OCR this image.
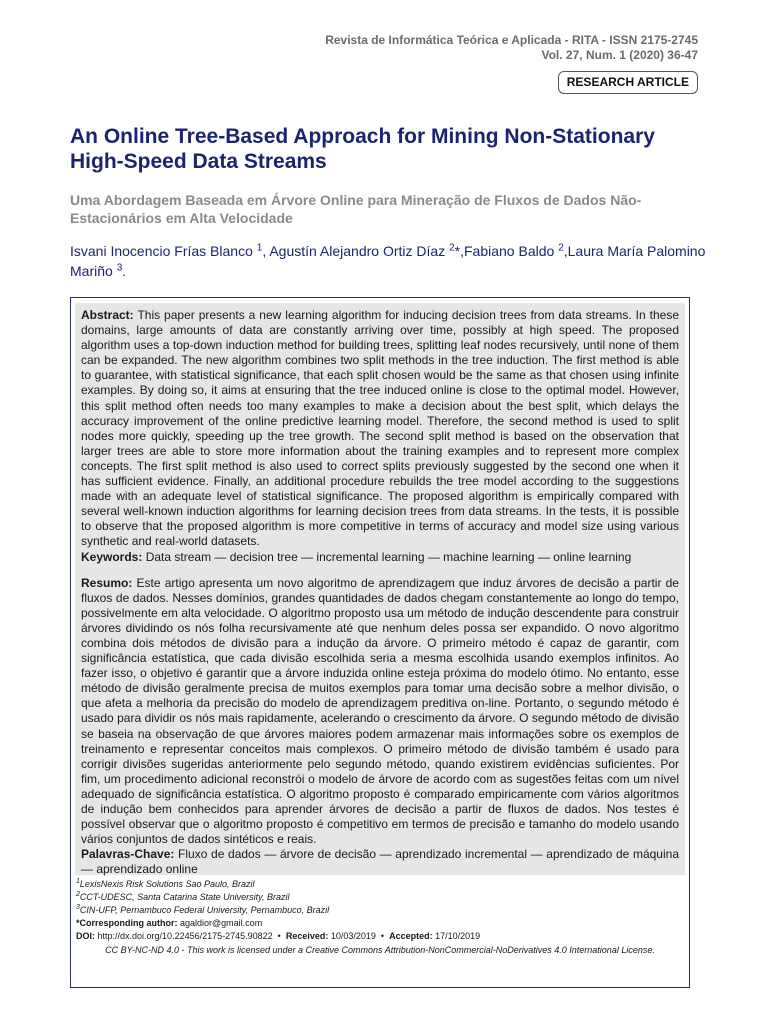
Revista de Informática Teórica e Aplicada - RITA - ISSN 2175-2745
Vol. 27, Num. 1 (2020) 36-47
RESEARCH ARTICLE
An Online Tree-Based Approach for Mining Non-Stationary High-Speed Data Streams
Uma Abordagem Baseada em Árvore Online para Mineração de Fluxos de Dados Não-Estacionários em Alta Velocidade

Isvani Inocencio Frías Blanco $^1$, Agustín Alejandro Ortiz Díaz $^2$*,Fabiano Baldo $^2$,Laura María Palomino Mariño $^3$.

Abstract: This paper presents a new learning algorithm for inducing decision trees from data streams. In these domains, large amounts of data are constantly arriving over time, possibly at high speed. The proposed algorithm uses a top-down induction method for building trees, splitting leaf nodes recursively, until none of them can be expanded. The new algorithm combines two split methods in the tree induction. The first method is able to guarantee, with statistical significance, that each split chosen would be the same as that chosen using infinite examples. By doing so, it aims at ensuring that the tree induced online is close to the optimal model. However, this split method often needs too many examples to make a decision about the best split, which delays the accuracy improvement of the online predictive learning model. Therefore, the second method is used to split nodes more quickly, speeding up the tree growth. The second split method is based on the observation that larger trees are able to store more information about the training examples and to represent more complex concepts. The first split method is also used to correct splits previously suggested by the second one when it has sufficient evidence. Finally, an additional procedure rebuilds the tree model according to the suggestions made with an adequate level of statistical significance. The proposed algorithm is empirically compared with several well-known induction algorithms for learning decision trees from data streams. In the tests, it is possible to observe that the proposed algorithm is more competitive in terms of accuracy and model size using various synthetic and real-world datasets.

Keywords: Data stream — decision tree — incremental learning — machine learning — online learning

Resumo: Este artigo apresenta um novo algoritmo de aprendizagem que induz árvores de decisão a partir de fluxos de dados. Nesses domínios, grandes quantidades de dados chegam constantemente ao longo do tempo, possivelmente em alta velocidade. O algoritmo proposto usa um método de indução descendente para construir árvores dividindo os nós folha recursivamente até que nenhum deles possa ser expandido. O novo algoritmo combina dois métodos de divisão para a indução da árvore. O primeiro método é capaz de garantir, com significância estatística, que cada divisão escolhida seria a mesma escolhida usando exemplos infinitos. Ao fazer isso, o objetivo é garantir que a árvore induzida online esteja próxima do modelo ótimo. No entanto, esse método de divisão geralmente precisa de muitos exemplos para tomar uma decisão sobre a melhor divisão, o que afeta a melhoria da precisão do modelo de aprendizagem preditiva on-line. Portanto, o segundo método é usado para dividir os nós mais rapidamente, acelerando o crescimento da árvore. O segundo método de divisão se baseia na observação de que árvores maiores podem armazenar mais informações sobre os exemplos de treinamento e representar conceitos mais complexos. O primeiro método de divisão também é usado para corrigir divisões sugeridas anteriormente pelo segundo método, quando existirem evidências suficientes. Por fim, um procedimento adicional reconstrói o modelo de árvore de acordo com as sugestões feitas com um nível adequado de significância estatística. O algoritmo proposto é comparado empiricamente com vários algoritmos de indução bem conhecidos para aprender árvores de decisão a partir de fluxos de dados. Nos testes é possível observar que o algoritmo proposto é competitivo em termos de precisão e tamanho do modelo usando vários conjuntos de dados sintéticos e reais.

Palavras-Chave: Fluxo de dados — árvore de decisão — aprendizado incremental — aprendizado de máquina — aprendizado online

$^1$LexisNexis Risk Solutions Sao Paulo, Brazil
$^2$CCT-UDESC, Santa Catarina State University, Brazil
$^3$CIN-UFP, Pernambuco Federal University, Pernambuco, Brazil
*Corresponding author: agaldior@gmail.com
DOI: http://dx.doi.org/10.22456/2175-2745.90822 • Received: 10/03/2019 • Accepted: 17/10/2019
CC BY-NC-ND 4.0 - This work is licensed under a Creative Commons Attribution-NonCommercial-NoDerivatives 4.0 International License.
